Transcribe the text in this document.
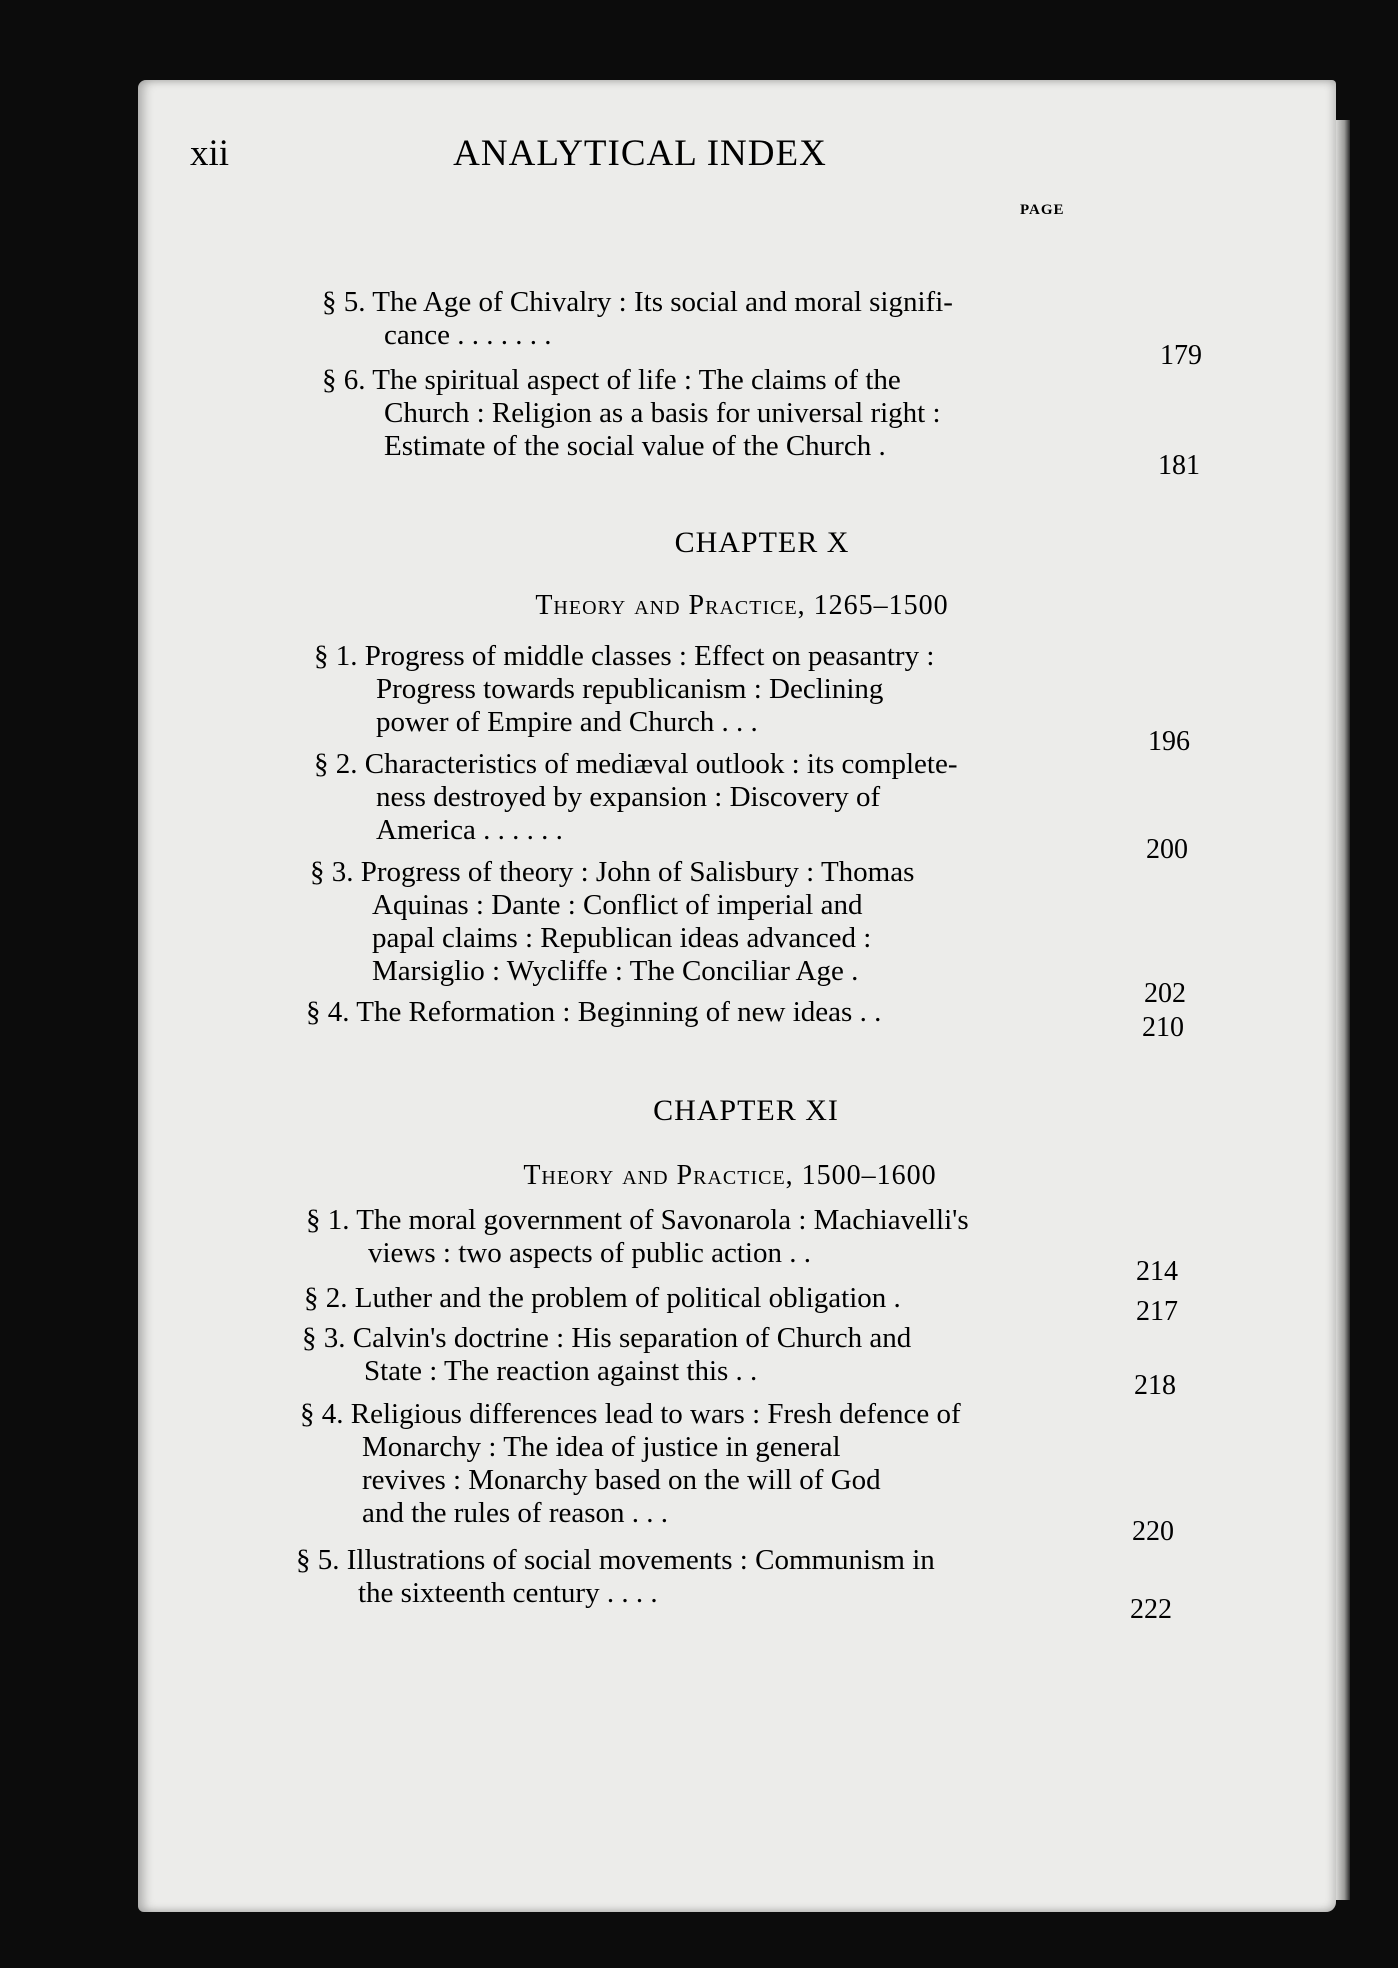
xii	ANALYTICAL INDEX
PAGE
§ 5. The Age of Chivalry : Its social and moral signifi-
cance . . . . . . .
179
§ 6. The spiritual aspect of life : The claims of the
Church : Religion as a basis for universal right :
Estimate of the social value of the Church .
181
CHAPTER X
Theory and Practice, 1265–1500
§ 1. Progress of middle classes : Effect on peasantry :
Progress towards republicanism : Declining
power of Empire and Church . . .
196
§ 2. Characteristics of mediæval outlook : its complete-
ness destroyed by expansion : Discovery of
America . . . . . .
200
§ 3. Progress of theory : John of Salisbury : Thomas
Aquinas : Dante : Conflict of imperial and
papal claims : Republican ideas advanced :
Marsiglio : Wycliffe : The Conciliar Age .
202
§ 4. The Reformation : Beginning of new ideas . .	210
CHAPTER XI
Theory and Practice, 1500–1600
§ 1. The moral government of Savonarola : Machiavelli's
views : two aspects of public action . .
214
§ 2. Luther and the problem of political obligation .	217
§ 3. Calvin's doctrine : His separation of Church and
State : The reaction against this . .	218
§ 4. Religious differences lead to wars : Fresh defence of
Monarchy : The idea of justice in general
revives : Monarchy based on the will of God
and the rules of reason . . .
220
§ 5. Illustrations of social movements : Communism in
the sixteenth century . . . .
222
